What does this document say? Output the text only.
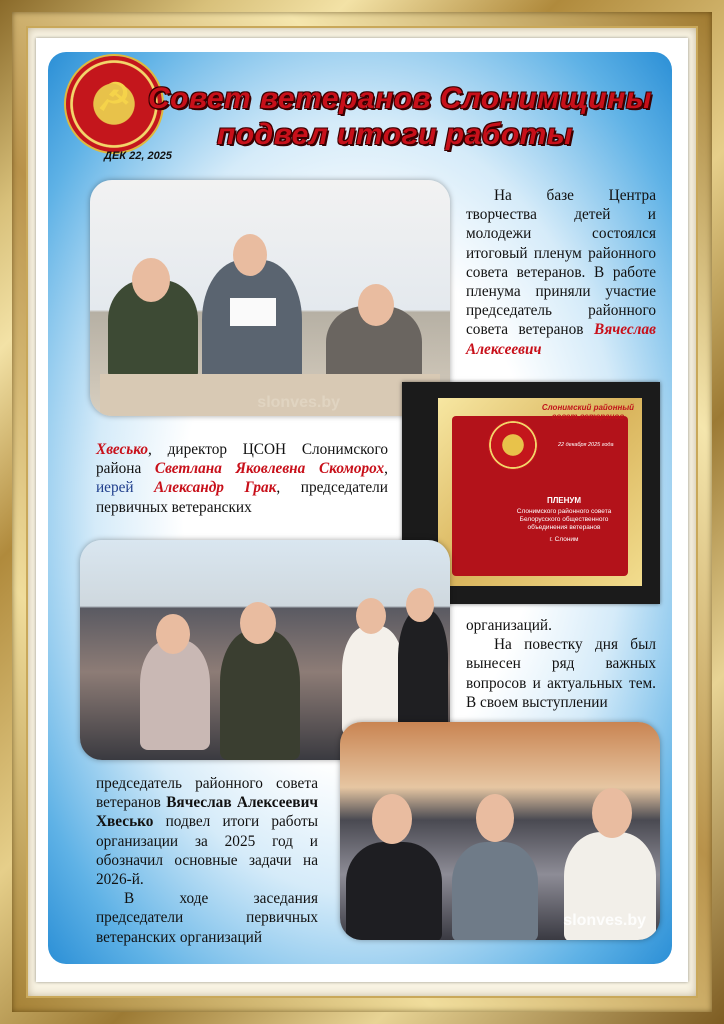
☭ Совет ветеранов Слонимщины
подвел итоги работы
ДЕК 22, 2025
slonves.by	Слонимский районный совет ветеранов
22 декабря 2025 года
ПЛЕНУМ
Слонимского районного совета Белорусского общественного объединения ветеранов
г. Слоним
slonves.by

На базе Центра творчества детей и молодежи состоялся итоговый пленум районного совета ветеранов. В работе пленума приняли участие председатель районного совета ветеранов Вячеслав Алексеевич

Хвесько, директор ЦСОН Слонимского района Светлана Яковлевна Скоморох, иерей Александр Грак, председатели первичных ветеранских

организаций.

На повестку дня был вынесен ряд важных вопросов и актуальных тем. В своем выступлении

председатель районного совета ветеранов Вячеслав Алексеевич Хвесько подвел итоги работы организации за 2025 год и обозначил основные задачи на 2026-й.

В ходе заседания председатели первичных ветеранских организаций
